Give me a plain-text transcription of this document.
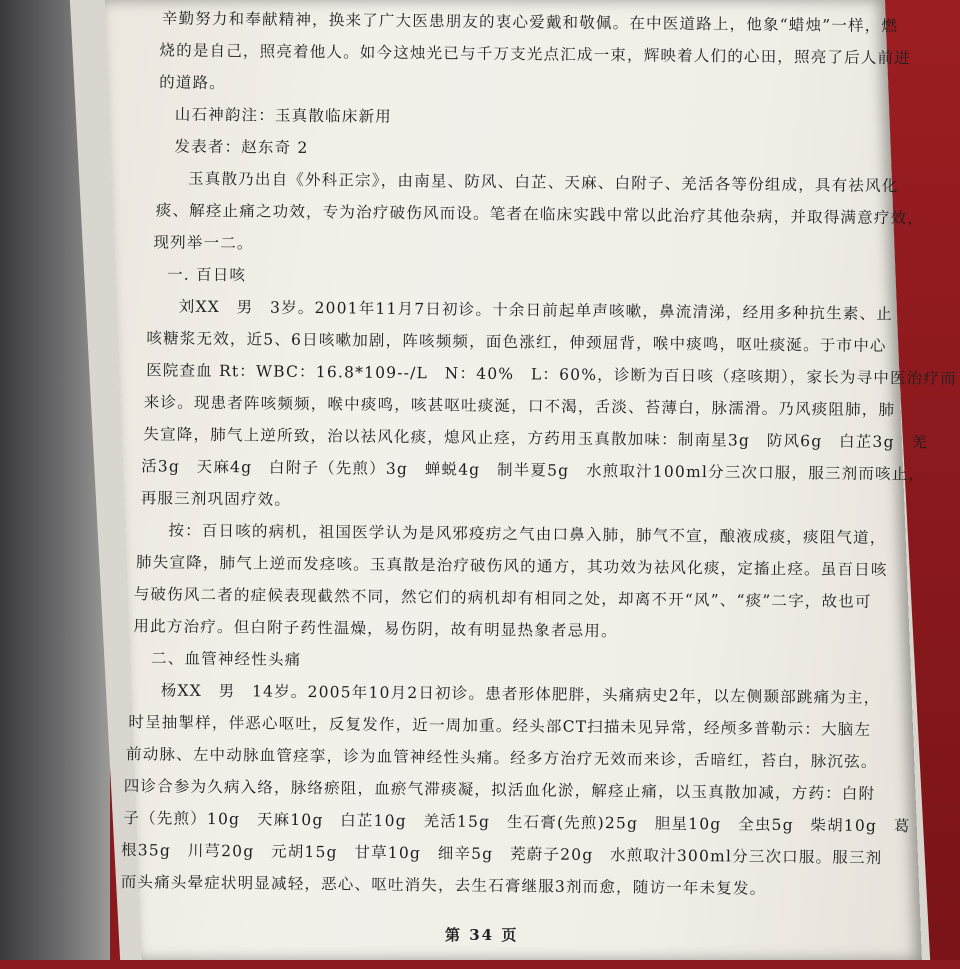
辛勤努力和奉献精神，换来了广大医患朋友的衷心爱戴和敬佩。在中医道路上，他象“蜡烛”一样，燃

烧的是自己，照亮着他人。如今这烛光已与千万支光点汇成一束，辉映着人们的心田，照亮了后人前进

的道路。

山石神韵注：玉真散临床新用

发表者：赵东奇 2

玉真散乃出自《外科正宗》，由南星、防风、白芷、天麻、白附子、羌活各等份组成，具有祛风化

痰、解痉止痛之功效，专为治疗破伤风而设。笔者在临床实践中常以此治疗其他杂病，并取得满意疗效，

现列举一二。

一. 百日咳

刘XX　男　3岁。2001年11月7日初诊。十余日前起单声咳嗽，鼻流清涕，经用多种抗生素、止

咳糖浆无效，近5、6日咳嗽加剧，阵咳频频，面色涨红，伸颈屈背，喉中痰鸣，呕吐痰涎。于市中心

医院查血 Rt：WBC：16.8*109--/L　N：40%　L：60%，诊断为百日咳（痉咳期），家长为寻中医治疗而

来诊。现患者阵咳频频，喉中痰鸣，咳甚呕吐痰涎，口不渴，舌淡、苔薄白，脉濡滑。乃风痰阻肺，肺

失宣降，肺气上逆所致，治以祛风化痰，熄风止痉，方药用玉真散加味：制南星3g　防风6g　白芷3g　羌

活3g　天麻4g　白附子（先煎）3g　蝉蜕4g　制半夏5g　水煎取汁100ml分三次口服，服三剂而咳止，

再服三剂巩固疗效。

按：百日咳的病机，祖国医学认为是风邪疫疠之气由口鼻入肺，肺气不宣，酿液成痰，痰阻气道，

肺失宣降，肺气上逆而发痉咳。玉真散是治疗破伤风的通方，其功效为祛风化痰，定搐止痉。虽百日咳

与破伤风二者的症候表现截然不同，然它们的病机却有相同之处，却离不开“风”、“痰”二字，故也可

用此方治疗。但白附子药性温燥，易伤阴，故有明显热象者忌用。

二、血管神经性头痛

杨XX　男　14岁。2005年10月2日初诊。患者形体肥胖，头痛病史2年，以左侧颞部跳痛为主，

时呈抽掣样，伴恶心呕吐，反复发作，近一周加重。经头部CT扫描未见异常，经颅多普勒示：大脑左

前动脉、左中动脉血管痉挛，诊为血管神经性头痛。经多方治疗无效而来诊，舌暗红，苔白，脉沉弦。

四诊合参为久病入络，脉络瘀阻，血瘀气滞痰凝，拟活血化淤，解痉止痛，以玉真散加减，方药：白附

子（先煎）10g　天麻10g　白芷10g　羌活15g　生石膏(先煎)25g　胆星10g　全虫5g　柴胡10g　葛

根35g　川芎20g　元胡15g　甘草10g　细辛5g　茺蔚子20g　水煎取汁300ml分三次口服。服三剂

而头痛头晕症状明显减轻，恶心、呕吐消失，去生石膏继服3剂而愈，随访一年未复发。

第 34 页
